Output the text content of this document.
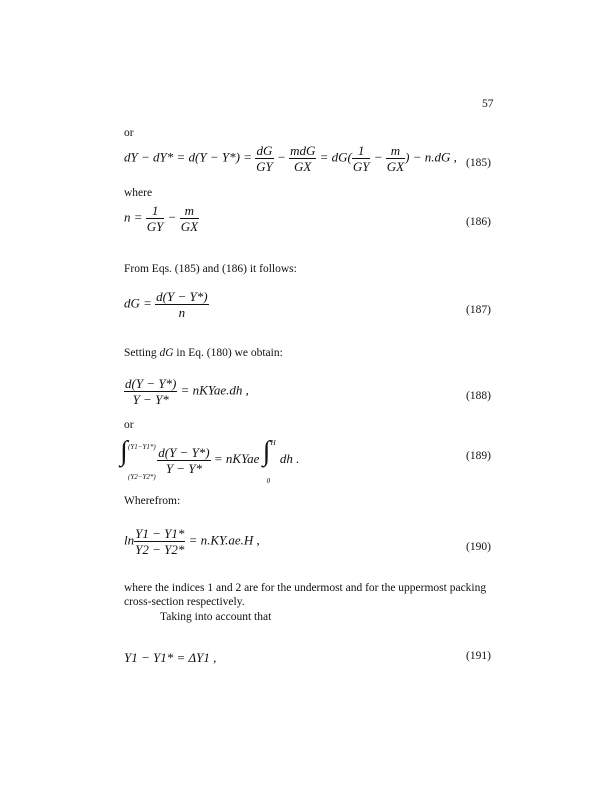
57
or
dY − $dY* = d(Y - Y*) = \frac{dG}{GY} - \frac{\text{mdG}}{GX} = dG( \frac{1}{GY} - \frac{m}{GX}$ ) − n.dG , (185)
where
$n = \frac{1}{GY} - \frac{m}{GX}$	(186)
From Eqs. (185) and (186) it follows:
dG = $\frac{d(Y - Y*)}{n}$	(187)
Setting dG in Eq. (180) we obtain:
$\frac{d(Y - Y*)}{Y - Y*}$ = nKYae.dh ,	(188)
or
∫ (Y1−Y1*)
(Y2−Y2*)

$\frac{d(Y - Y*)}{Y - Y*}$ = nKYae ∫ H
0
dh .	(189)
Wherefrom:
$\ln \frac{Y1 - Y1*}{Y2 - Y2*} = n.KY.ae.H$ ,	(190)
where the indices 1 and 2 are for the undermost and for the uppermost packing
cross-section respectively.
Taking into account that
Y1 − Y1* = ΔY1 ,	(191)
